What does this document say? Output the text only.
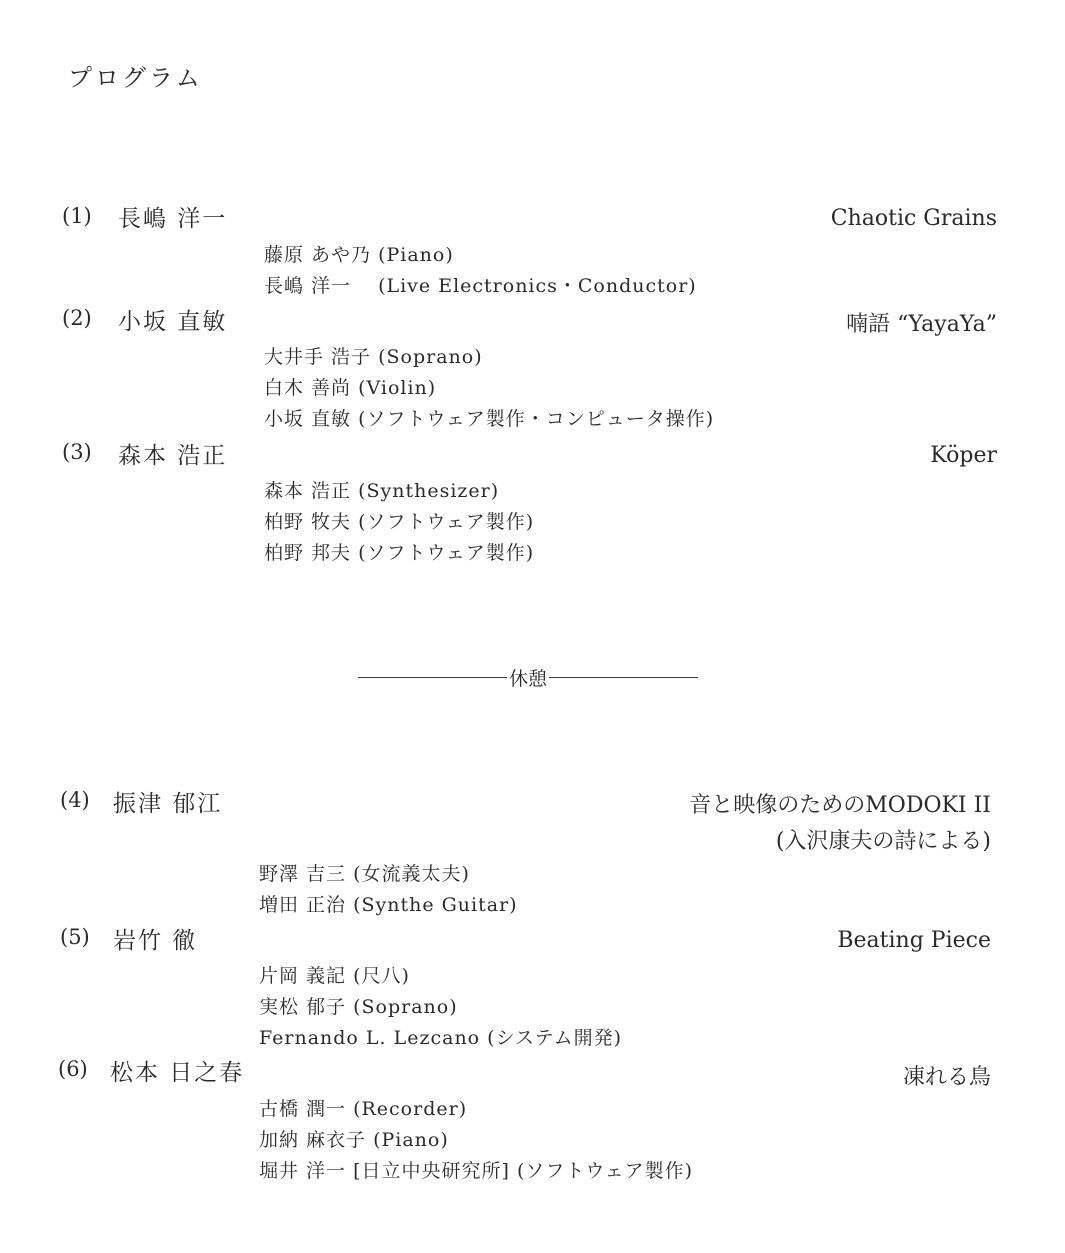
プログラム
(1) 長嶋 洋一	Chaotic Grains
藤原 あや乃 (Piano)
長嶋 洋一　 (Live Electronics・Conductor)
(2) 小坂 直敏	喃語 “YayaYa”
大井手 浩子 (Soprano)
白木 善尚 (Violin)
小坂 直敏 (ソフトウェア製作・コンピュータ操作)
(3) 森本 浩正	Köper
森本 浩正 (Synthesizer)
柏野 牧夫 (ソフトウェア製作)
柏野 邦夫 (ソフトウェア製作)
休憩
(4) 振津 郁江	音と映像のためのMODOKI II
(入沢康夫の詩による)
野澤 吉三 (女流義太夫)
増田 正治 (Synthe Guitar)
(5) 岩竹 徹	Beating Piece
片岡 義記 (尺八)
実松 郁子 (Soprano)
Fernando L. Lezcano (システム開発)
(6) 松本 日之春	凍れる鳥
古橋 潤一 (Recorder)
加納 麻衣子 (Piano)
堀井 洋一 [日立中央研究所] (ソフトウェア製作)
